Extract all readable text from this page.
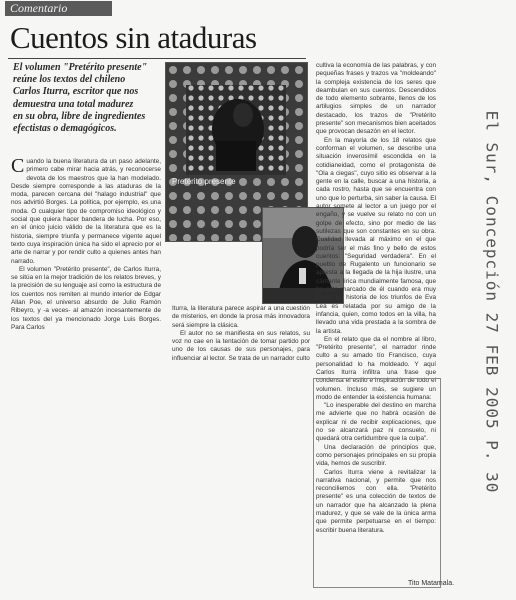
Comentario
Cuentos sin ataduras
El volumen "Pretérito presente"
reúne los textos del chileno
Carlos Iturra, escritor que nos
demuestra una total madurez
en su obra, libre de ingredientes
efectistas o demagógicos.
Pretérito presente
C uando la buena literatura da un paso adelante, primero cabe mirar hacia atrás, y reconocerse devota de los maestros que la han modelado. Desde siempre corresponde a las ataduras de la moda, parecen cercana del "halago industrial" que nos advirtió Borges. La política, por ejemplo, es una moda. O cualquier tipo de compromiso ideológico y social que quiera hacer bandera de lucha. Por eso, en el único juicio válido de la literatura que es la historia, siempre triunfa y permanece vigente aquel texto cuya inspiración única ha sido el aprecio por el arte de narrar y por rendir culto a quienes antes han narrado.

El volumen "Pretérito presente", de Carlos Iturra, se sitúa en la mejor tradición de los relatos breves, y la precisión de su lenguaje así como la estructura de los cuentos nos remiten al mundo interior de Edgar Allan Poe, el universo absurdo de Julio Ramón Ribeyro, y -a veces- al amazón incesantemente de los textos del ya mencionado Jorge Luis Borges. Para Carlos

Iturra, la literatura parece aspirar a una cuestión de misterios, en donde la prosa más innovadora será siempre la clásica.

El autor no se manifiesta en sus relatos, su voz no cae en la tentación de tomar partido por uno de los causas de sus personajes, para influenciar al lector. Se trata de un narrador culto

cultiva la economía de las palabras, y con pequeñas frases y trazos va "moldeando" la compleja existencia de los seres que deambulan en sus cuentos. Descendidos de todo elemento sobrante, llenos de los artilugios simples de un narrador destacado, los trazos de "Pretérito presente" son mecanismos bien aceitados que provocan desazón en el lector.

En la mayoría de los 18 relatos que conforman el volumen, se describe una situación inverosímil escondida en la cotidianeidad, como el protagonista de "Ola a ciegas", cuyo sitio es observar a la gente en la calle, buscar a una historia, a cada rostro, hasta que se encuentra con uno que lo perturba, sin saber la causa. El autor somete al lector a un juego por el engaño, y se vuelve su relato no con un golpe de efecto, sino por medio de las sutilezas que son constantes en su obra. Cualidad llevada al máximo en el que podría ser el más fino y bello de estos cuentos: "Seguridad verdadera". En el pueblo de Rugalento un funcionario se apresta a la llegada de la hija ilustre, una cantante lírica mundialmente famosa, que ha sido marcado de él cuando era muy joven. La historia de los triunfos de Eva Lea es relatada por su amigo de la infancia, quien, como todos en la villa, ha llevado una vida prestada a la sombra de la artista.

En el relato que da el nombre al libro, "Pretérito presente", el narrador rinde culto a su amado tío Francisco, cuya personalidad lo ha moldeado. Y aquí Carlos Iturra infiltra una frase que condensa el estilo e inspiración de todo el volumen. Incluso más, se sugiere un modo de entender la existencia humana:

"Lo inesperable del destino en marcha me advierte que no habrá ocasión de explicar ni de recibir explicaciones, que no se alcanzará paz ni consuelo, ni quedará otra certidumbre que la culpa".

Una declaración de principios que, como personajes principales en su propia vida, hemos de suscribir.

Carlos Iturra viene a revitalizar la narrativa nacional, y permite que nos reconciliemos con ella. "Pretérito presente" es una colección de textos de un narrador que ha alcanzado la plena madurez, y que se vale de la única arma que permite perpetuarse en el tiempo: escribir buena literatura.

Tito Matamala.
El Sur, Concepción 27 FEB 2005 P. 30
